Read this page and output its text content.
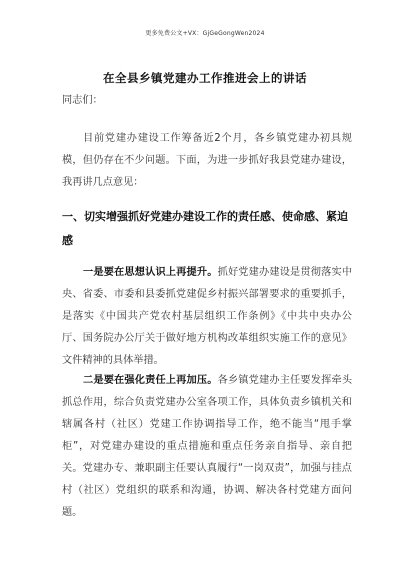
更多免费公文+VX：GjGeGongWen2024
在全县乡镇党建办工作推进会上的讲话
同志们：

目前党建办建设工作筹备近2个月，各乡镇党建办初具规模，但仍存在不少问题。下面，为进一步抓好我县党建办建设，我再讲几点意见：

一、切实增强抓好党建办建设工作的责任感、使命感、紧迫感

一是要在思想认识上再提升。抓好党建办建设是贯彻落实中央、省委、市委和县委抓党建促乡村振兴部署要求的重要抓手，是落实《中国共产党农村基层组织工作条例》《中共中央办公厅、国务院办公厅关于做好地方机构改革组织实施工作的意见》文件精神的具体举措。

二是要在强化责任上再加压。各乡镇党建办主任要发挥牵头抓总作用，综合负责党建办公室各项工作，具体负责乡镇机关和辖属各村（社区）党建工作协调指导工作，绝不能当“甩手掌柜”，对党建办建设的重点措施和重点任务亲自指导、亲自把关。党建办专、兼职副主任要认真履行“一岗双责”，加强与挂点村（社区）党组织的联系和沟通，协调、解决各村党建方面问题。
